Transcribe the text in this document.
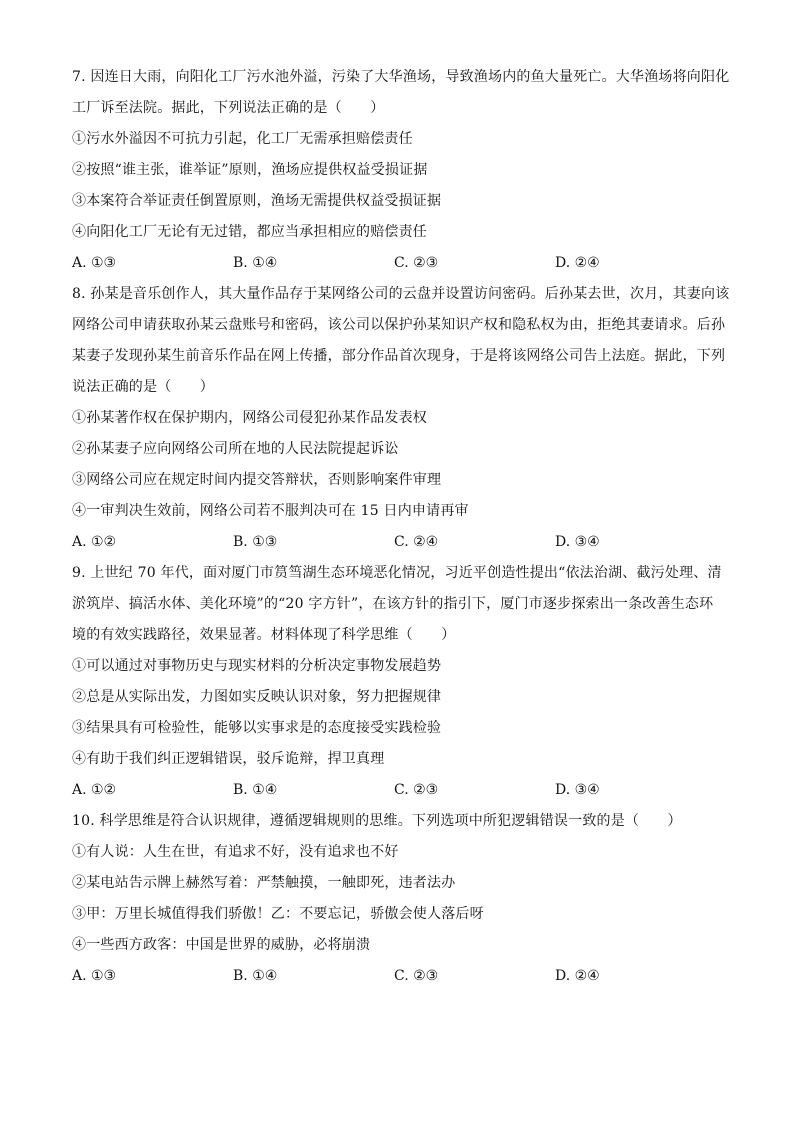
7. 因连日大雨，向阳化工厂污水池外溢，污染了大华渔场，导致渔场内的鱼大量死亡。大华渔场将向阳化
工厂诉至法院。据此，下列说法正确的是（　　）
①污水外溢因不可抗力引起，化工厂无需承担赔偿责任
②按照“谁主张，谁举证”原则，渔场应提供权益受损证据
③本案符合举证责任倒置原则，渔场无需提供权益受损证据
④向阳化工厂无论有无过错，都应当承担相应的赔偿责任
A. ①③	B. ①④	C. ②③	D. ②④
8. 孙某是音乐创作人，其大量作品存于某网络公司的云盘并设置访问密码。后孙某去世，次月，其妻向该
网络公司申请获取孙某云盘账号和密码，该公司以保护孙某知识产权和隐私权为由，拒绝其妻请求。后孙
某妻子发现孙某生前音乐作品在网上传播，部分作品首次现身，于是将该网络公司告上法庭。据此，下列
说法正确的是（　　）
①孙某著作权在保护期内，网络公司侵犯孙某作品发表权
②孙某妻子应向网络公司所在地的人民法院提起诉讼
③网络公司应在规定时间内提交答辩状，否则影响案件审理
④一审判决生效前，网络公司若不服判决可在 15 日内申请再审
A. ①②	B. ①③	C. ②④	D. ③④
9. 上世纪 70 年代，面对厦门市筼筜湖生态环境恶化情况，习近平创造性提出“依法治湖、截污处理、清
淤筑岸、搞活水体、美化环境”的“20 字方针”，在该方针的指引下，厦门市逐步探索出一条改善生态环
境的有效实践路径，效果显著。材料体现了科学思维（　　）
①可以通过对事物历史与现实材料的分析决定事物发展趋势
②总是从实际出发，力图如实反映认识对象，努力把握规律
③结果具有可检验性，能够以实事求是的态度接受实践检验
④有助于我们纠正逻辑错误，驳斥诡辩，捍卫真理
A. ①②	B. ①④	C. ②③	D. ③④
10. 科学思维是符合认识规律，遵循逻辑规则的思维。下列选项中所犯逻辑错误一致的是（　　）
①有人说：人生在世，有追求不好，没有追求也不好
②某电站告示牌上赫然写着：严禁触摸，一触即死，违者法办
③甲：万里长城值得我们骄傲！乙：不要忘记，骄傲会使人落后呀
④一些西方政客：中国是世界的威胁，必将崩溃
A. ①③	B. ①④	C. ②③	D. ②④
